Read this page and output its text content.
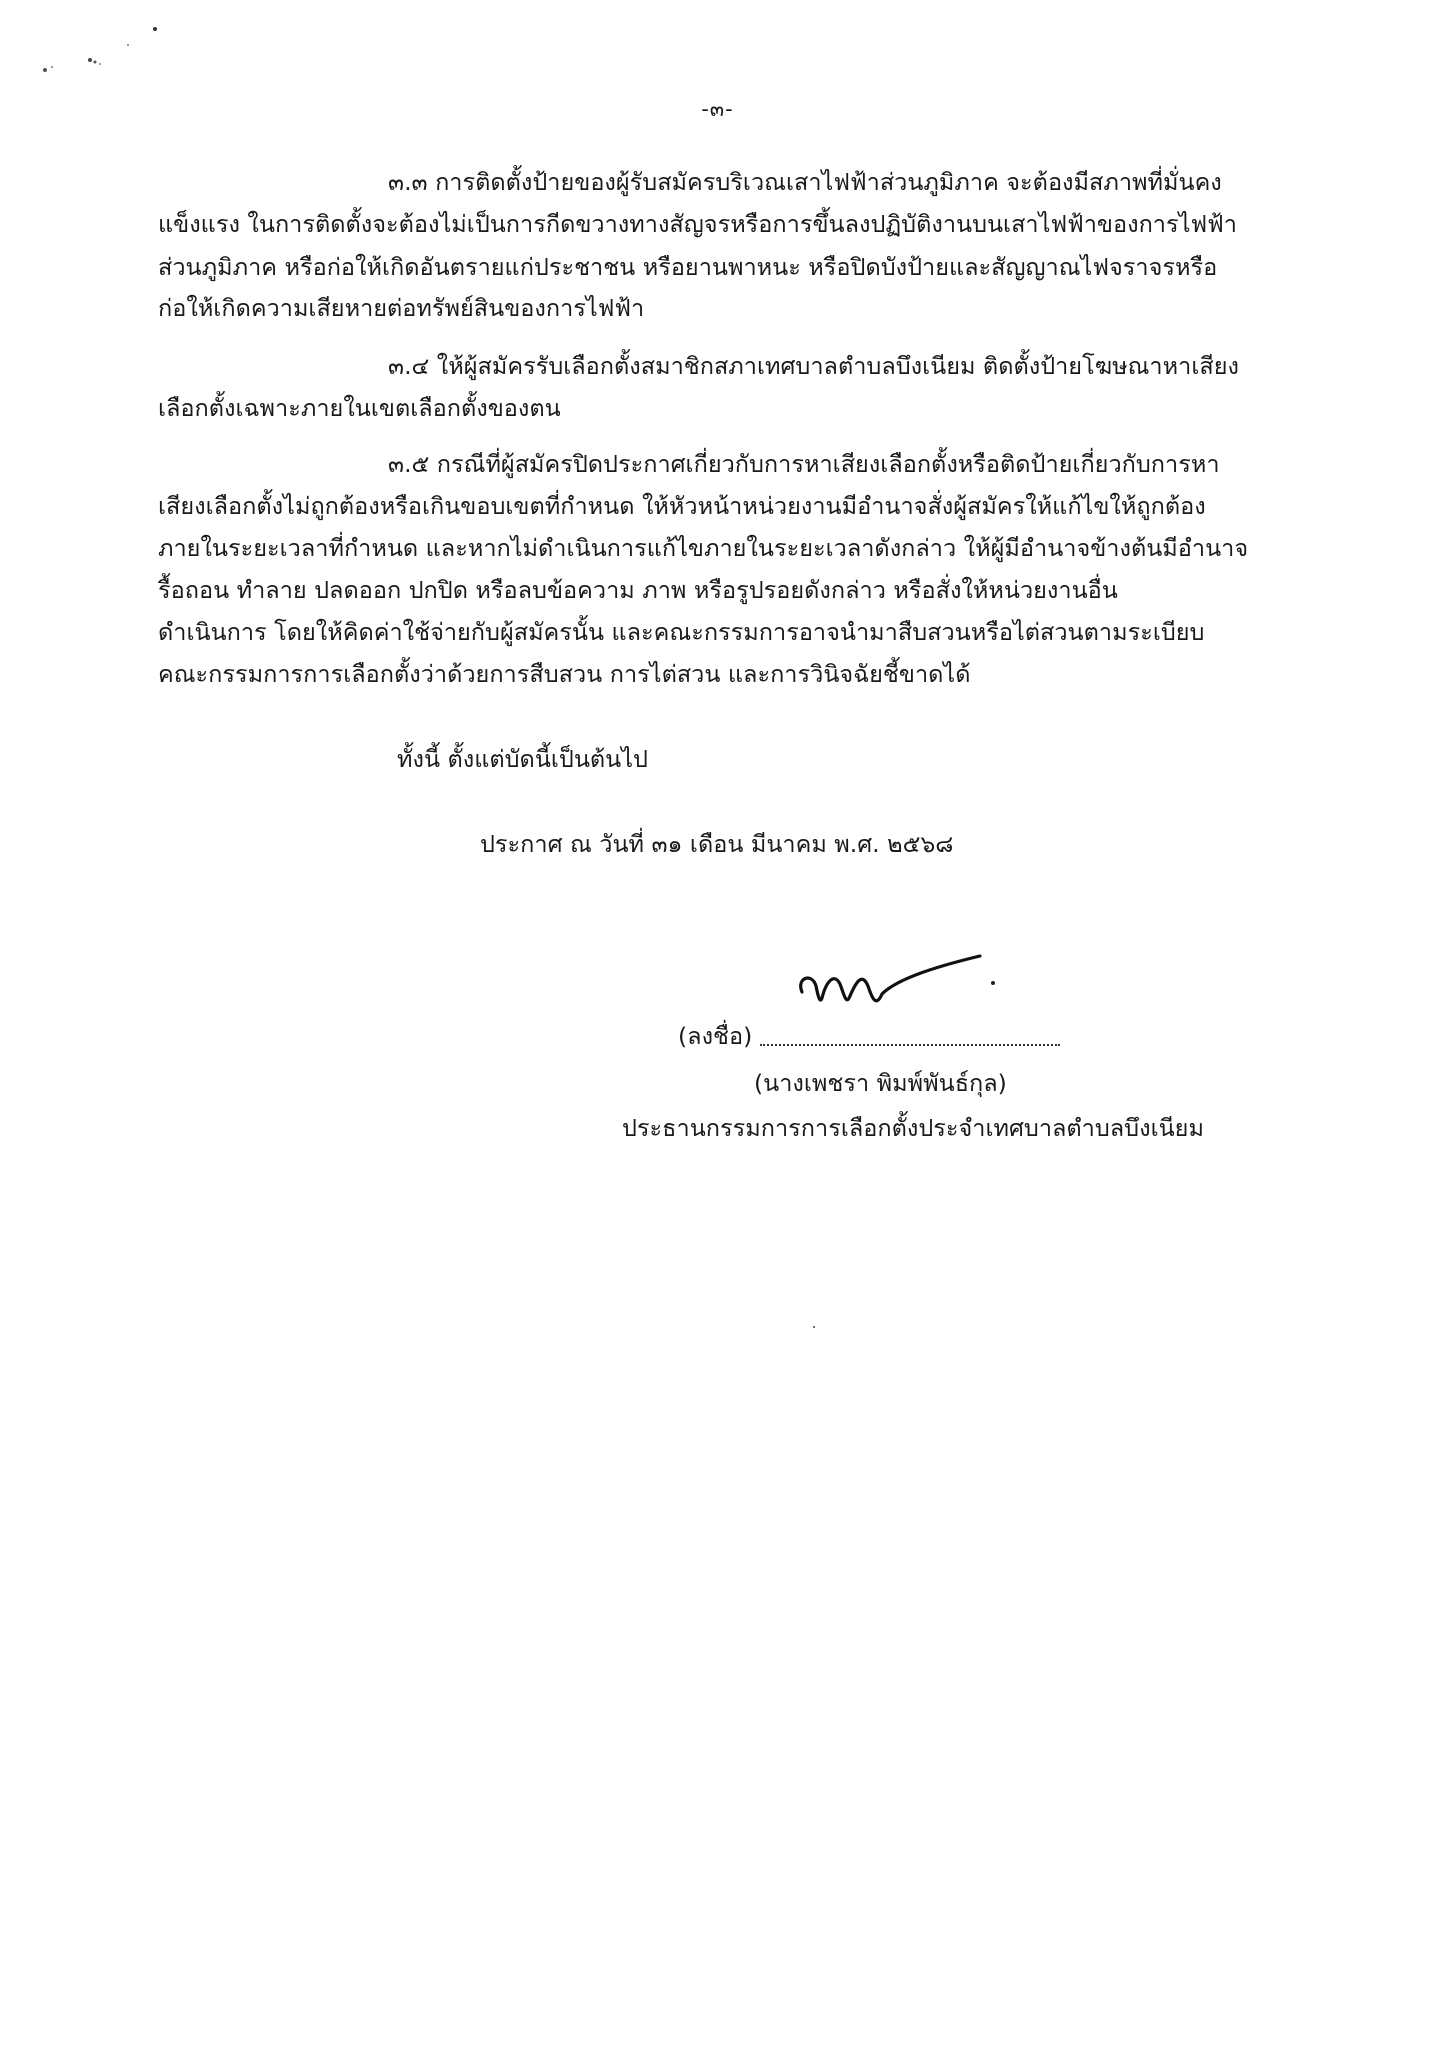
-๓-
๓.๓ การติดตั้งป้ายของผู้รับสมัครบริเวณเสาไฟฟ้าส่วนภูมิภาค จะต้องมีสภาพที่มั่นคง
แข็งแรง ในการติดตั้งจะต้องไม่เป็นการกีดขวางทางสัญจรหรือการขึ้นลงปฏิบัติงานบนเสาไฟฟ้าของการไฟฟ้า
ส่วนภูมิภาค หรือก่อให้เกิดอันตรายแก่ประชาชน หรือยานพาหนะ หรือปิดบังป้ายและสัญญาณไฟจราจรหรือ
ก่อให้เกิดความเสียหายต่อทรัพย์สินของการไฟฟ้า
๓.๔ ให้ผู้สมัครรับเลือกตั้งสมาชิกสภาเทศบาลตำบลบึงเนียม ติดตั้งป้ายโฆษณาหาเสียง
เลือกตั้งเฉพาะภายในเขตเลือกตั้งของตน
๓.๕ กรณีที่ผู้สมัครปิดประกาศเกี่ยวกับการหาเสียงเลือกตั้งหรือติดป้ายเกี่ยวกับการหา
เสียงเลือกตั้งไม่ถูกต้องหรือเกินขอบเขตที่กำหนด ให้หัวหน้าหน่วยงานมีอำนาจสั่งผู้สมัครให้แก้ไขให้ถูกต้อง
ภายในระยะเวลาที่กำหนด และหากไม่ดำเนินการแก้ไขภายในระยะเวลาดังกล่าว ให้ผู้มีอำนาจข้างต้นมีอำนาจ
รื้อถอน ทำลาย ปลดออก ปกปิด หรือลบข้อความ ภาพ หรือรูปรอยดังกล่าว หรือสั่งให้หน่วยงานอื่น
ดำเนินการ โดยให้คิดค่าใช้จ่ายกับผู้สมัครนั้น และคณะกรรมการอาจนำมาสืบสวนหรือไต่สวนตามระเบียบ
คณะกรรมการการเลือกตั้งว่าด้วยการสืบสวน การไต่สวน และการวินิจฉัยชี้ขาดได้
ทั้งนี้ ตั้งแต่บัดนี้เป็นต้นไป
ประกาศ ณ วันที่ ๓๑ เดือน มีนาคม พ.ศ. ๒๕๖๘
(ลงชื่อ)
(นางเพชรา พิมพ์พันธ์กุล)
ประธานกรรมการการเลือกตั้งประจำเทศบาลตำบลบึงเนียม
